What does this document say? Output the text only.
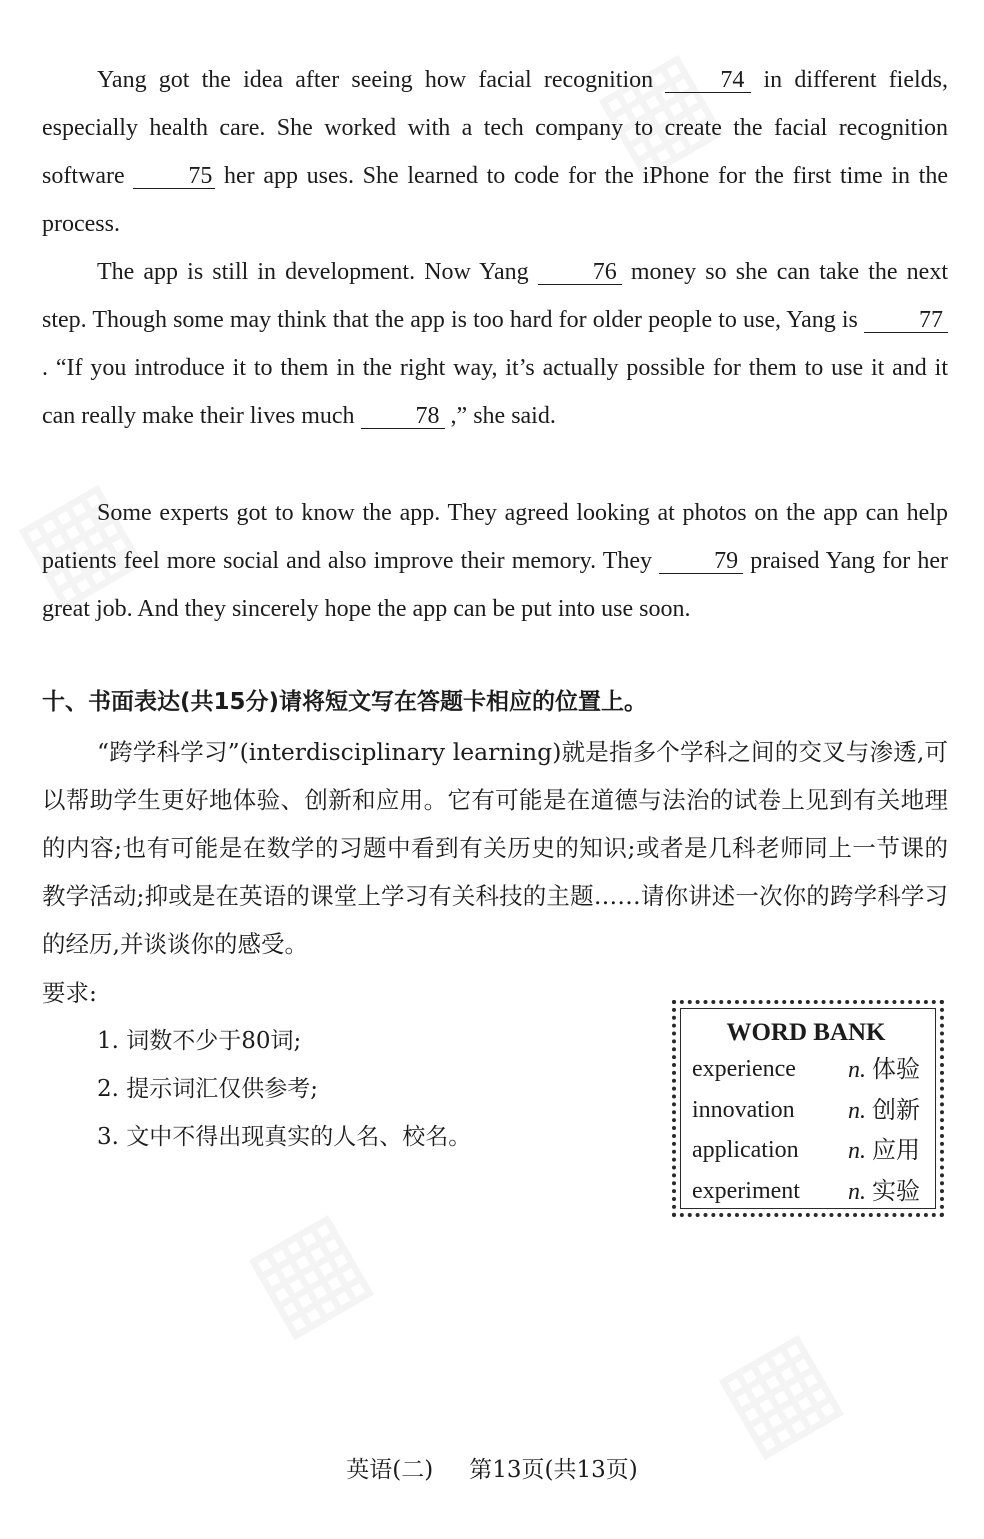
Yang got the idea after seeing how facial recognition 74 in different fields, especially health care. She worked with a tech company to create the facial recognition software 75 her app uses. She learned to code for the iPhone for the first time in the process.

The app is still in development. Now Yang 76 money so she can take the next step. Though some may think that the app is too hard for older people to use, Yang is 77. “If you introduce it to them in the right way, it’s actually possible for them to use it and it can really make their lives much 78 ,” she said.

Some experts got to know the app. They agreed looking at photos on the app can help patients feel more social and also improve their memory. They 79 praised Yang for her great job. And they sincerely hope the app can be put into use soon.

十、书面表达(共15分)请将短文写在答题卡相应的位置上。

“跨学科学习”(interdisciplinary learning)就是指多个学科之间的交叉与渗透,可以帮助学生更好地体验、创新和应用。它有可能是在道德与法治的试卷上见到有关地理的内容;也有可能是在数学的习题中看到有关历史的知识;或者是几科老师同上一节课的教学活动;抑或是在英语的课堂上学习有关科技的主题……请你讲述一次你的跨学科学习的经历,并谈谈你的感受。

要求:

1. 词数不少于80词;

2. 提示词汇仅供参考;

3. 文中不得出现真实的人名、校名。

WORD BANK
experience n. 体验
innovation n. 创新
application n. 应用
experiment n. 实验

英语(二) 第13页(共13页)
